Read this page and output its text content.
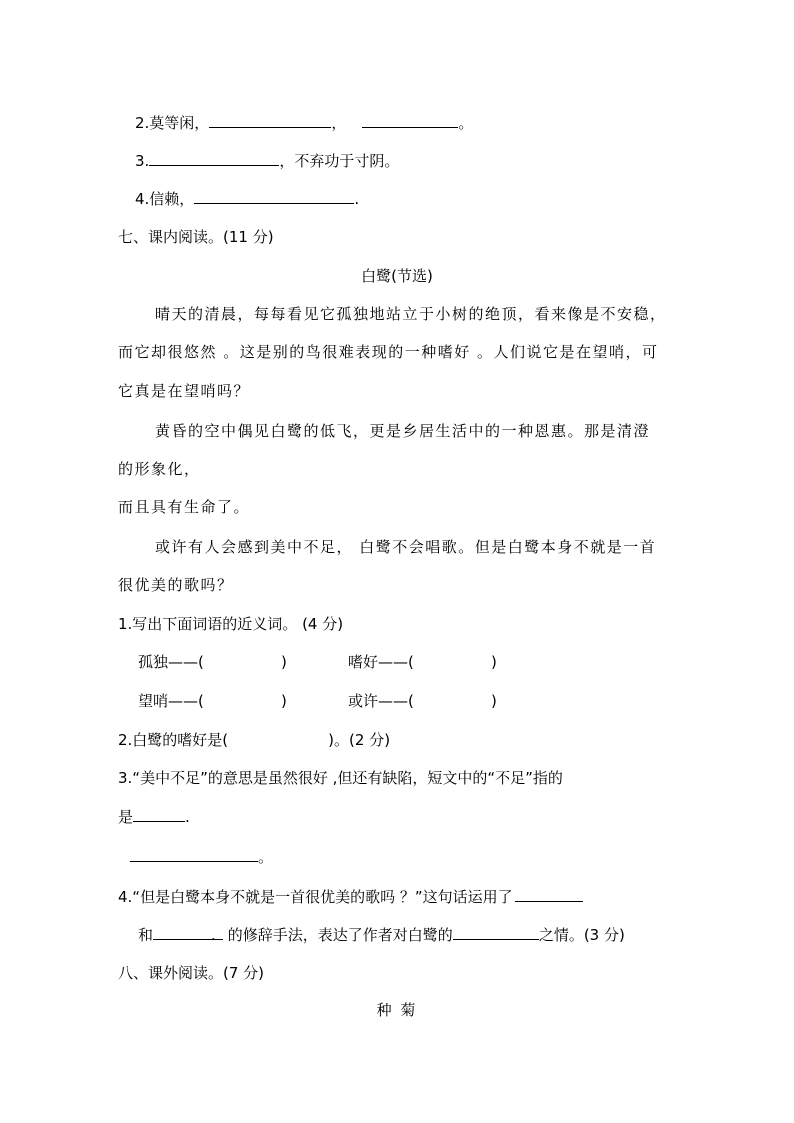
2.莫等闲，	，	。
3.	，不弃功于寸阴。
4.信赖，	.
七、课内阅读。(11 分)
白鹭(节选)
晴天的清晨，每每看见它孤独地站立于小树的绝顶，看来像是不安稳，
而它却很悠然 。这是别的鸟很难表现的一种嗜好 。人们说它是在望哨，可
它真是在望哨吗？
黄昏的空中偶见白鹭的低飞，更是乡居生活中的一种恩惠。那是清澄
的形象化，
而且具有生命了。
或许有人会感到美中不足， 白鹭不会唱歌。但是白鹭本身不就是一首
很优美的歌吗？
1.写出下面词语的近义词。 (4 分)
孤独——(	)	嗜好——(	)
望哨——(	)	或许——(	)
2.白鹭的嗜好是(	)。(2 分)
3.“美中不足”的意思是虽然很好 ,但还有缺陷，短文中的“不足”指的
是	.
。
4.“但是白鹭本身不就是一首很优美的歌吗 ？”这句话运用了
和	. 的修辞手法，表达了作者对白鹭的	之情。(3 分)
八、课外阅读。(7 分)
种 菊
